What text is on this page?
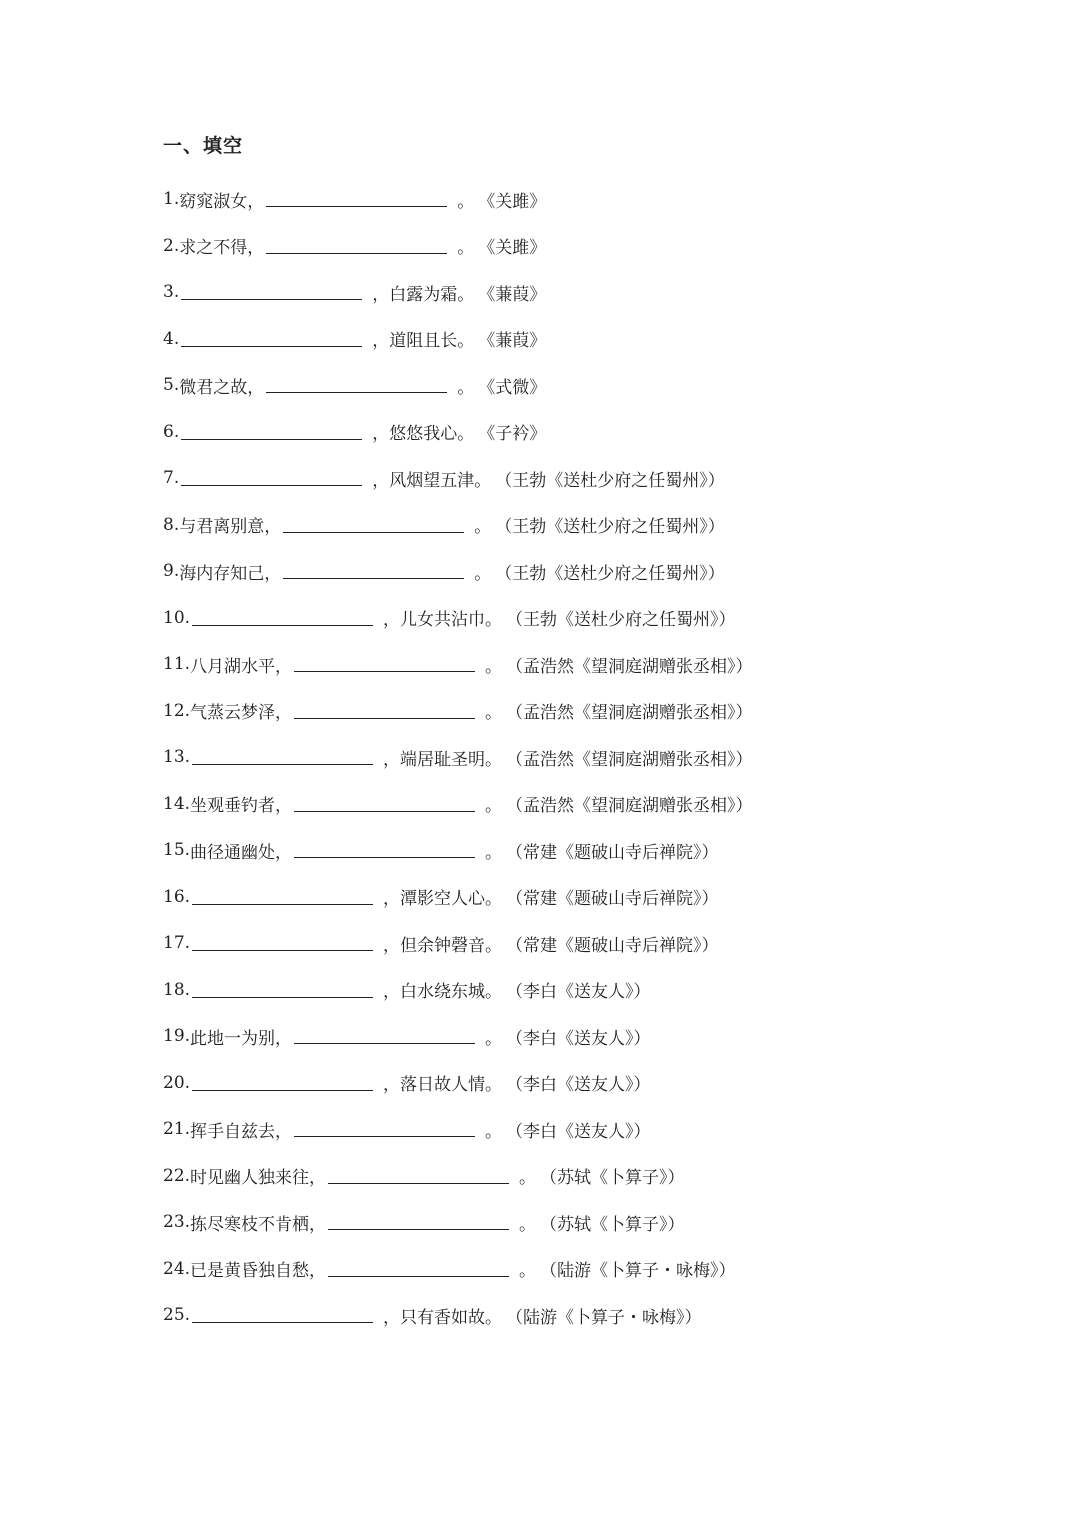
一、填空
1. 窈窕淑女，	。 《关雎》
2. 求之不得，	。 《关雎》
3.	，白露为霜。 《蒹葭》
4.	，道阻且长。 《蒹葭》
5. 微君之故，	。 《式微》
6.	，悠悠我心。 《子衿》
7.	，风烟望五津。 （王勃《送杜少府之任蜀州》）
8. 与君离别意，	。 （王勃《送杜少府之任蜀州》）
9. 海内存知己，	。 （王勃《送杜少府之任蜀州》）
10.	，儿女共沾巾。 （王勃《送杜少府之任蜀州》）
11. 八月湖水平，	。 （孟浩然《望洞庭湖赠张丞相》）
12. 气蒸云梦泽，	。 （孟浩然《望洞庭湖赠张丞相》）
13.	，端居耻圣明。 （孟浩然《望洞庭湖赠张丞相》）
14. 坐观垂钓者，	。 （孟浩然《望洞庭湖赠张丞相》）
15. 曲径通幽处，	。 （常建《题破山寺后禅院》）
16.	，潭影空人心。 （常建《题破山寺后禅院》）
17.	，但余钟磬音。 （常建《题破山寺后禅院》）
18.	，白水绕东城。 （李白《送友人》）
19. 此地一为别，	。 （李白《送友人》）
20.	，落日故人情。 （李白《送友人》）
21. 挥手自兹去，	。 （李白《送友人》）
22. 时见幽人独来往，	。 （苏轼《卜算子》）
23. 拣尽寒枝不肯栖，	。 （苏轼《卜算子》）
24. 已是黄昏独自愁，	。 （陆游《卜算子・咏梅》）
25.	，只有香如故。 （陆游《卜算子・咏梅》）
